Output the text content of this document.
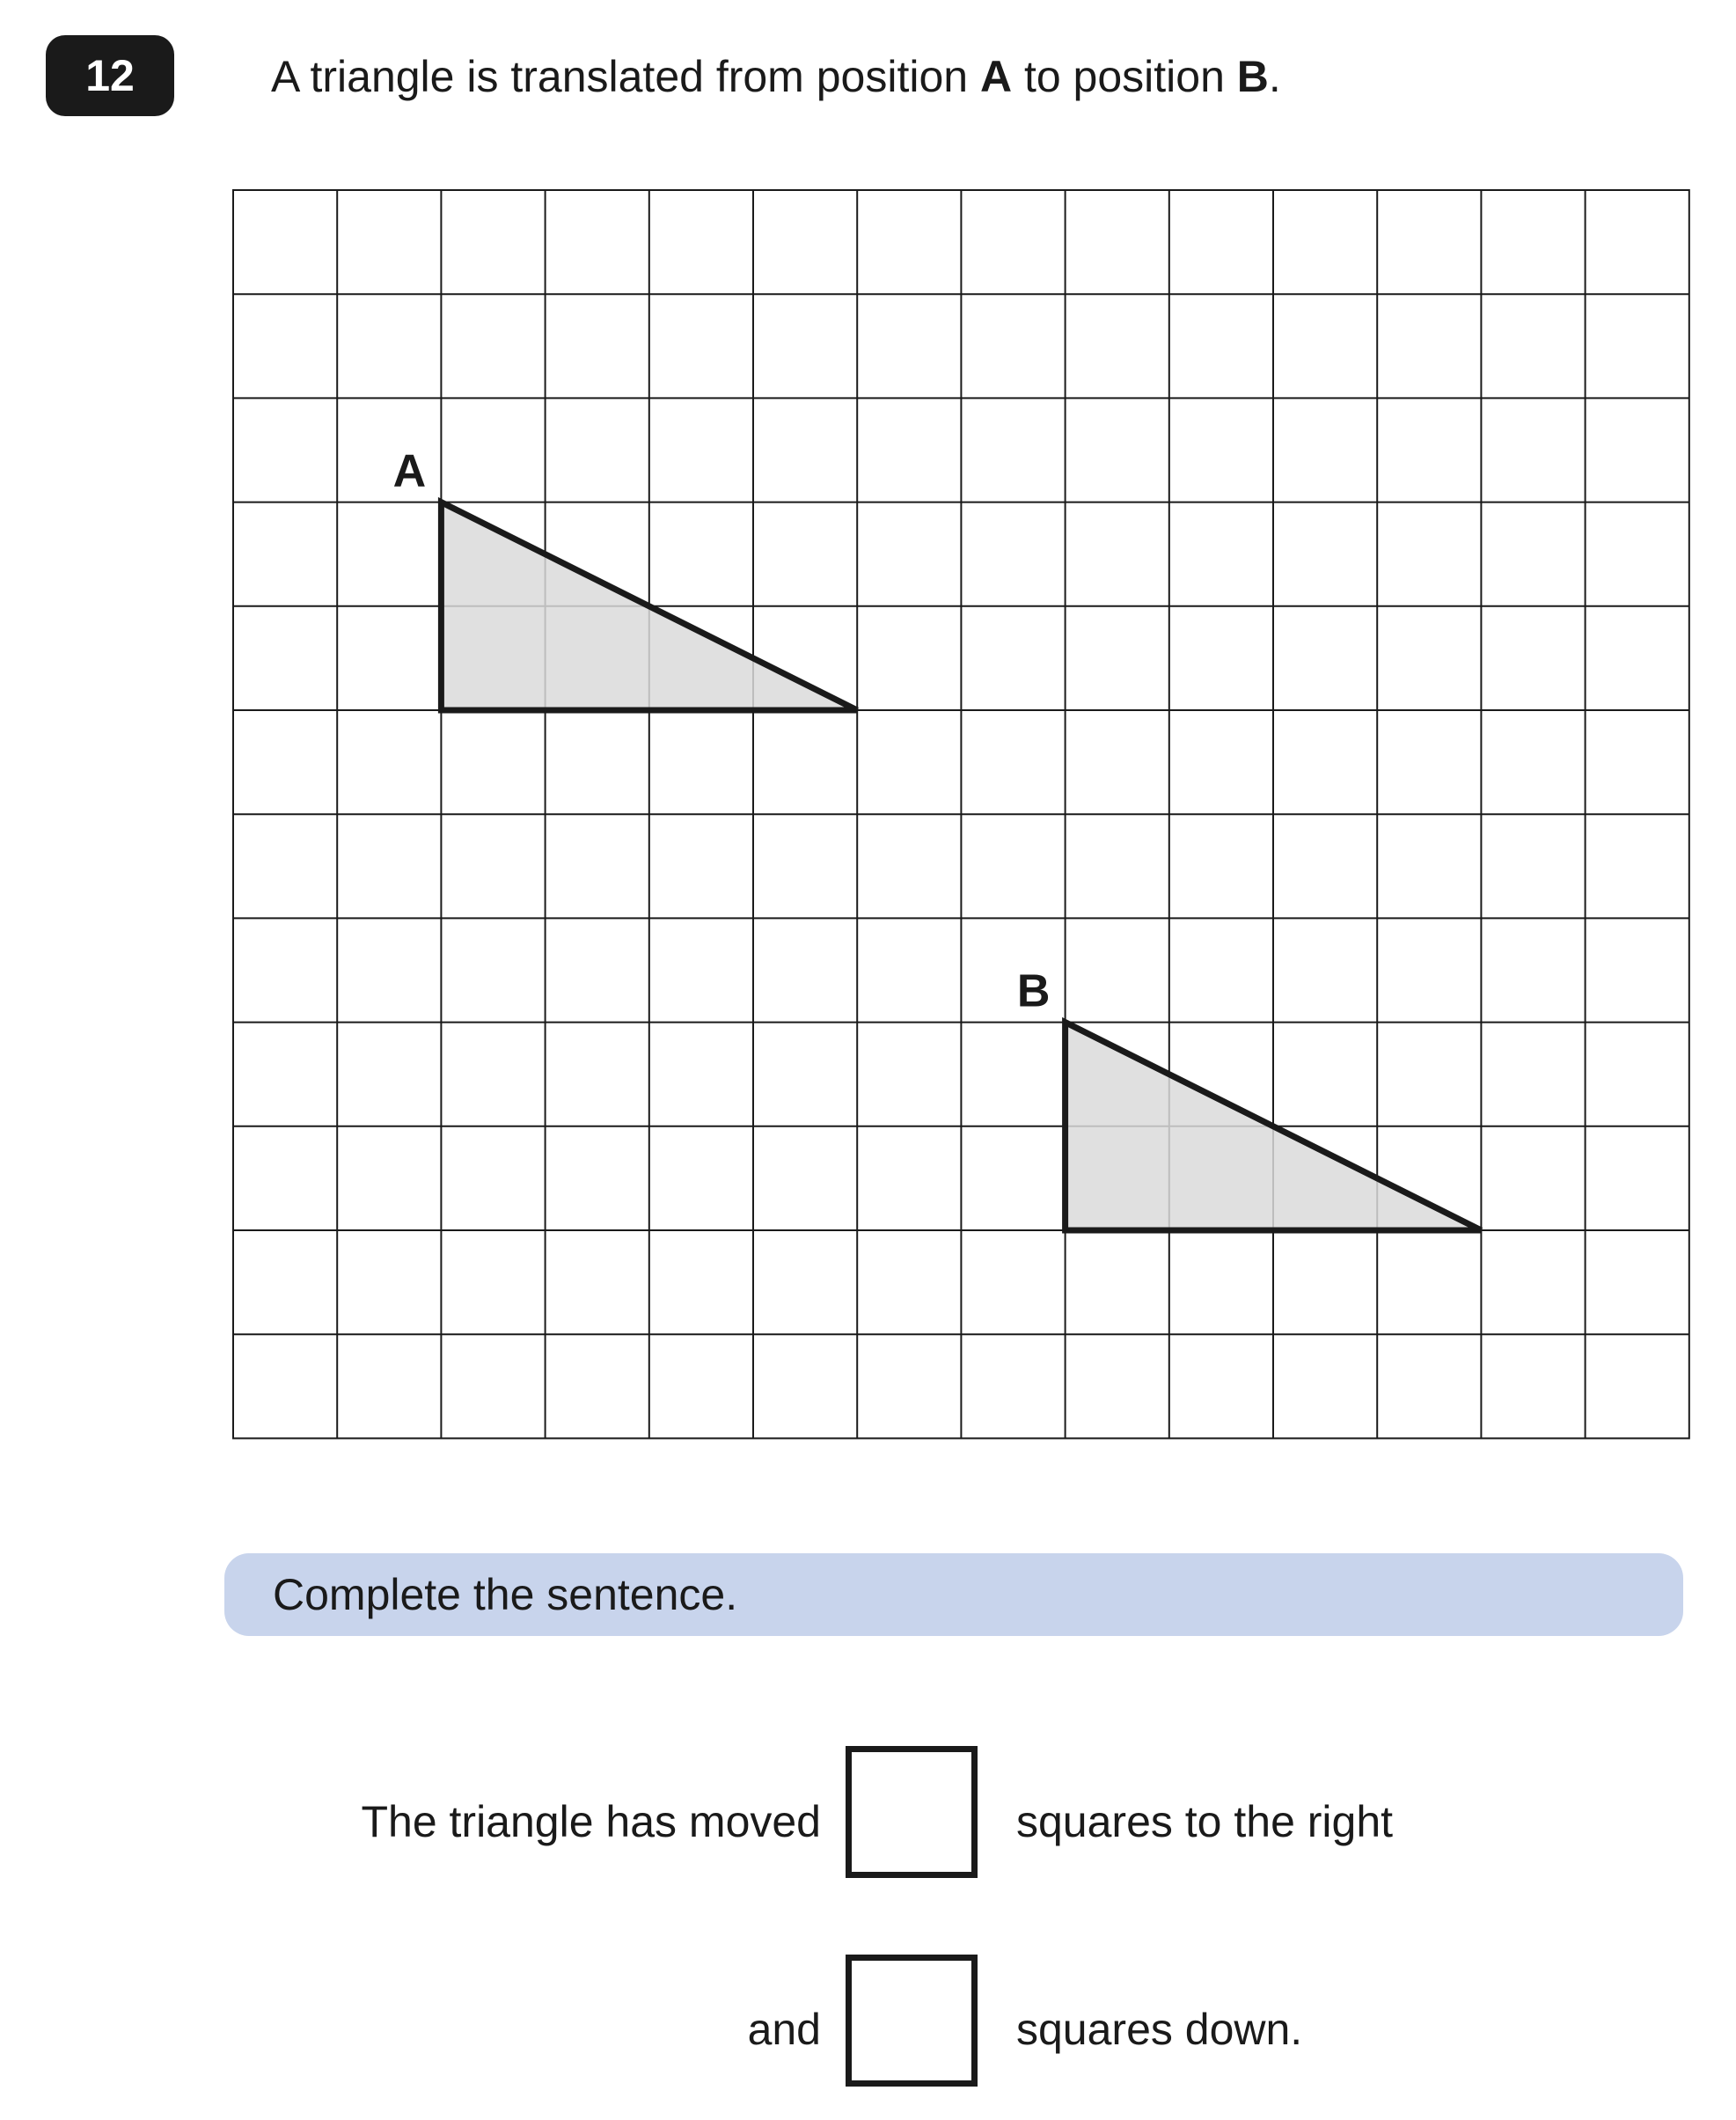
12	A triangle is translated from position A to position B.
A
B
Complete the sentence.
The triangle has moved	squares to the right
and	squares down.
